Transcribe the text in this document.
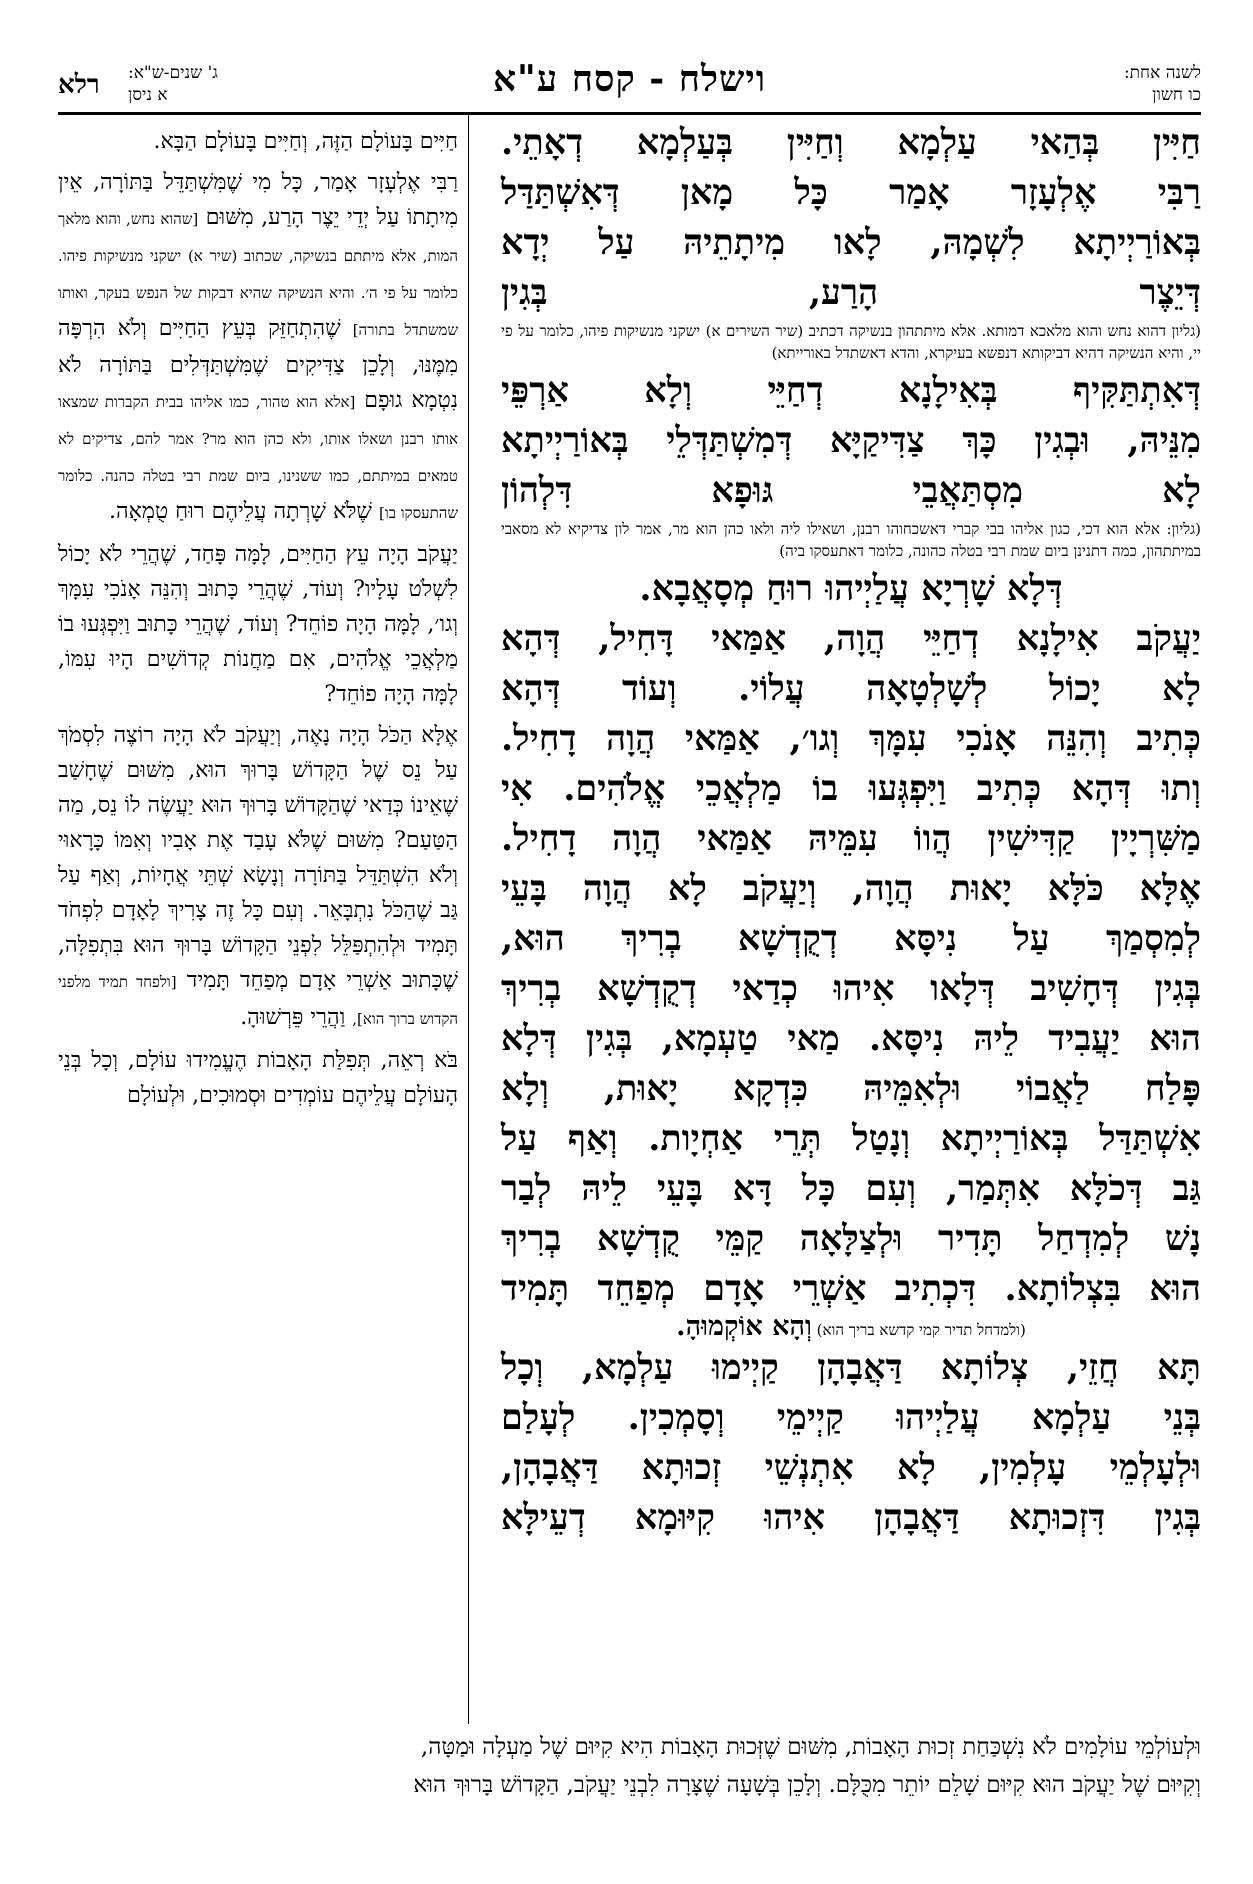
רלא ג' שנים-ש"א:
א ניסן	וישלח - קסח ע"א	לשנה אחת:
כו חשון

חַיִּין בְּהַאי עַלְמָא וְחַיִּין בְּעַלְמָא דְאָתֵי.

רַבִּי אֶלְעָזָר אָמַר כָּל מָאן דְּאִשְׁתַּדַּל

בְּאוֹרַיְיתָא לִשְׁמָהּ, לָאו מִיתָתֵיהּ עַל יְדָא

דְּיֵצֶר הָרַע, בְּגִין

(גליון דהוא נחש והוא מלאכא דמותא. אלא מיתתהון בנשיקה דכתיב (שיר השירים א) ישקני מנשיקות פיהו, כלומר על פי יי, והיא הנשיקה דהיא דביקותא דנפשא בעיקרא, והדא דאשתדל באורייתא)

דְּאִתְתַּקִּיף בְּאִילָנָא דְחַיֵּי וְלָא אַרְפֵּי

מִנֵּיהּ, וּבְגִין כָּךְ צַדִּיקַיָּא דְּמִשְׁתַּדְּלֵי בְּאוֹרַיְיתָא

לָא מִסְתַּאֲבֵי גּוּפָא דִּלְהוֹן

(גליון: אלא הוא דכי, כגון אליהו בבי קברי דאשכחוהו רבנן, ושאילו ליה ולאו כהן הוא מר, אמר לון צדיקיא לא מסאבי במיתתהון, כמה דתנינן ביום שמת רבי בטלה כהונה, כלומר דאתעסקו ביה)

דְּלָא שָׁרְיָא עֲלַיְיהוּ רוּחַ מְסָאֲבָא.

יַעֲקֹב אִילָנָא דְחַיֵּי הֲוָה, אַמַּאי דָּחִיל, דְּהָא

לָא יָכוֹל לְשָׁלְטָאָה עֲלוֹי. וְעוֹד דְּהָא

כְּתִיב וְהִנֵּה אָנֹכִי עִמָּךְ וְגו׳, אַמַּאי הֲוָה דָחִיל.

וְתוּ דְּהָא כְּתִיב וַיִּפְגְּעוּ בוֹ מַלְאֲכֵי אֱלֹהִים. אִי

מַשִּׁרְיָין קַדִּישִׁין הֲווֹ עִמֵּיהּ אַמַּאי הֲוָה דָחִיל.

אֶלָּא כֹּלָּא יָאוּת הֲוָה, וְיַעֲקֹב לָא הֲוָה בָּעֵי

לְמִסְמַךְ עַל נִיסָּא דְקֻדְשָׁא בְרִיךְ הוּא,

בְּגִין דְּחָשִׁיב דְּלָאו אִיהוּ כְדַאי דְקֻדְשָׁא בְרִיךְ

הוּא יַעֲבִיד לֵיהּ נִיסָּא. מַאי טַעְמָא, בְּגִין דְּלָא

פָּלַח לַאֲבוֹי וּלְאִמֵּיהּ כִּדְקָא יָאוּת, וְלָא

אִשְׁתַּדַּל בְּאוֹרַיְיתָא וְנָטַל תְּרֵי אַחְיָות. וְאַף עַל

גַּב דְּכֹלָּא אִתְּמַר, וְעִם כָּל דָּא בָּעֵי לֵיהּ לְבַר

נָשׁ לְמִדְחַל תָּדִיר וּלְצַלָּאָה קַמֵּי קֻדְשָׁא בְרִיךְ

הוּא בִּצְלוֹתָא. דִּכְתִיב אַשְׁרֵי אָדָם מְפַחֵד תָּמִיד

(ולמדחל תדיר קמי קדשא בריך הוא) וְהָא אוֹקְמוּהָ.

תָּא חֲזֵי, צְלוֹתָא דַּאֲבָהָן קַיְימוּ עַלְמָא, וְכָל

בְּנֵי עַלְמָא עֲלַיְיהוּ קַיְימֵי וְסָמְכִין. לְעָלַם

וּלְעָלְמֵי עָלְמִין, לָא אִתְנְשֵׁי זְכוּתָא דַּאֲבָהָן,

בְּגִין דִּזְכוּתָא דַּאֲבָהָן אִיהוּ קִיּוּמָא דְעֵילָּא

חַיִּים בָּעוֹלָם הַזֶּה, וְחַיִּים בָּעוֹלָם הַבָּא.

רַבִּי אֶלְעָזָר אָמַר, כָּל מִי שֶׁמִּשְׁתַּדֵּל בַּתּוֹרָה, אֵין מִיתָתוֹ עַל יְדֵי יֵצֶר הָרַע, מִשּׁוּם [שהוא נחש, והוא מלאך המות, אלא מיתתם בנשיקה, שכתוב (שיר א) ישקני מנשיקות פיהו. כלומר על פי ה׳. והיא הנשיקה שהיא דבקות של הנפש בעקר, ואותו שמשתדל בתורה] שֶׁהִתְחַזֵּק בְּעֵץ הַחַיִּים וְלֹא הִרְפָּה מִמֶּנּוּ, וְלָכֵן צַדִּיקִים שֶׁמִּשְׁתַּדְּלִים בַּתּוֹרָה לֹא נִטְמָא גוּפָם [אלא הוא טהור, כמו אליהו בבית הקברות שמצאו אותו רבנן ושאלו אותו, ולא כהן הוא מר? אמר להם, צדיקים לא טמאים במיתתם, כמו ששנינו, ביום שמת רבי בטלה כהנה. כלומר שהתעסקו בו] שֶׁלֹּא שָׁרְתָה עֲלֵיהֶם רוּחַ טֻמְאָה.

יַעֲקֹב הָיָה עֵץ הַחַיִּים, לָמָּה פָּחַד, שֶׁהֲרֵי לֹא יָכוֹל לִשְׁלֹט עָלָיו? וְעוֹד, שֶׁהֲרֵי כָּתוּב וְהִנֵּה אָנֹכִי עִמָּךְ וְגו׳, לָמָּה הָיָה פוֹחֵד? וְעוֹד, שֶׁהֲרֵי כָּתוּב וַיִּפְגְּעוּ בוֹ מַלְאֲכֵי אֱלֹהִים, אִם מַחֲנוֹת קְדוֹשִׁים הָיוּ עִמּוֹ, לָמָּה הָיָה פוֹחֵד?

אֶלָּא הַכֹּל הָיָה נָאֶה, וְיַעֲקֹב לֹא הָיָה רוֹצֶה לִסְמֹךְ עַל נֵס שֶׁל הַקָּדוֹשׁ בָּרוּךְ הוּא, מִשּׁוּם שֶׁחָשַׁב שֶׁאֵינוֹ כְּדַאי שֶׁהַקָּדוֹשׁ בָּרוּךְ הוּא יַעֲשֶׂה לוֹ נֵס, מַה הַטַּעַם? מִשּׁוּם שֶׁלֹּא עָבַד אֶת אָבִיו וְאִמּוֹ כָּרָאוּי וְלֹא הִשְׁתַּדֵּל בַּתּוֹרָה וְנָשָׂא שְׁתֵּי אֲחָיוֹת, וְאַף עַל גַּב שֶׁהַכֹּל נִתְבָּאֵר. וְעִם כָּל זֶה צָרִיךְ לָאָדָם לִפְחֹד תָּמִיד וּלְהִתְפַּלֵּל לִפְנֵי הַקָּדוֹשׁ בָּרוּךְ הוּא בִּתְפִלָּה, שֶׁכָּתוּב אַשְׁרֵי אָדָם מְפַחֵד תָּמִיד [ולפחד תמיד מלפני הקדוש ברוך הוא], וַהֲרֵי פֵּרְשׁוּהָ.

בֹּא רְאֵה, תְּפִלַּת הָאָבוֹת הֶעֱמִידוּ עוֹלָם, וְכָל בְּנֵי הָעוֹלָם עֲלֵיהֶם עוֹמְדִים וּסְמוּכִים, וּלְעוֹלָם

וּלְעוֹלְמֵי עוֹלָמִים לֹא נִשְׁכַּחַת זְכוּת הָאָבוֹת, מִשּׁוּם שֶׁזְּכוּת הָאָבוֹת הִיא קִיּוּם שֶׁל מַעְלָה וּמַטָּה,
וְקִיּוּם שֶׁל יַעֲקֹב הוּא קִיּוּם שָׁלֵם יוֹתֵר מִכֻּלָּם. וְלָכֵן בְּשָׁעָה שֶׁצָּרָה לִבְנֵי יַעֲקֹב, הַקָּדוֹשׁ בָּרוּךְ הוּא
